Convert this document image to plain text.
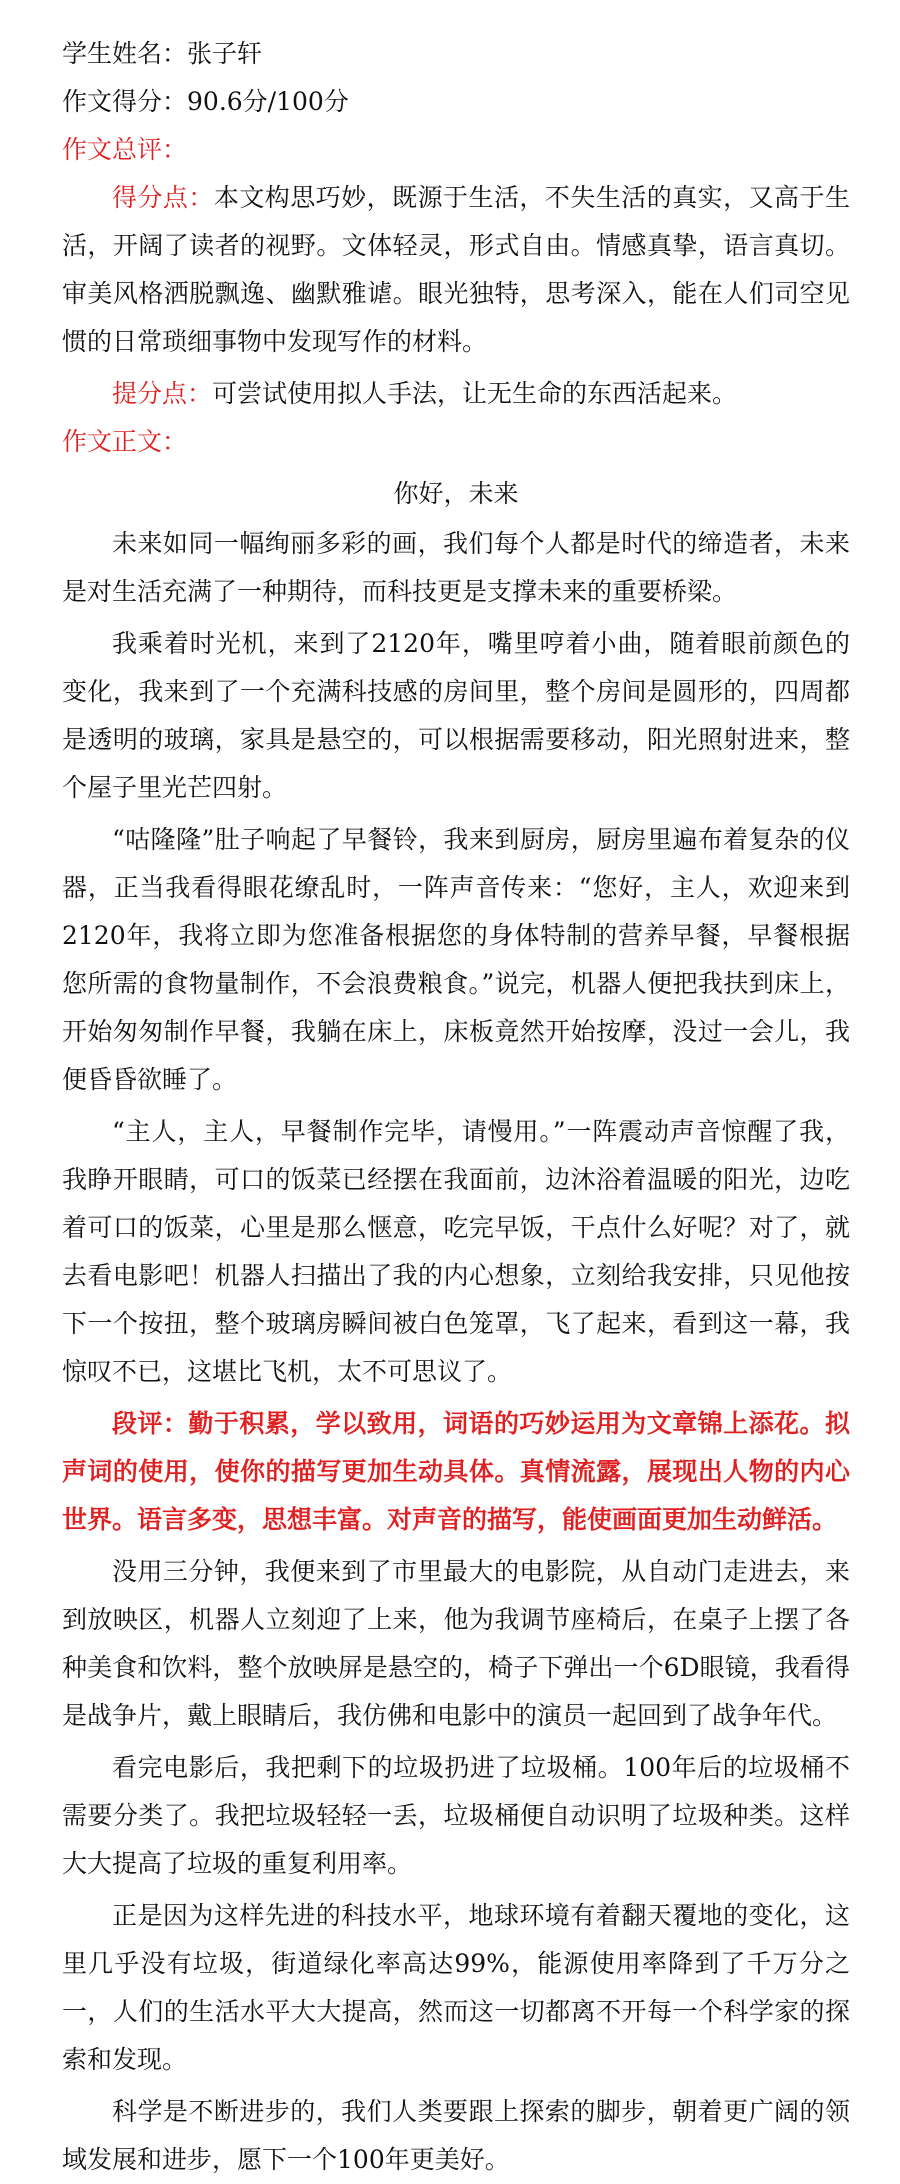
学生姓名：张子轩

作文得分：90.6分/100分

作文总评：

得分点：本文构思巧妙，既源于生活，不失生活的真实，又高于生活，开阔了读者的视野。文体轻灵，形式自由。情感真挚，语言真切。审美风格洒脱飘逸、幽默雅谑。眼光独特，思考深入，能在人们司空见惯的日常琐细事物中发现写作的材料。

提分点：可尝试使用拟人手法，让无生命的东西活起来。

作文正文：

你好，未来

未来如同一幅绚丽多彩的画，我们每个人都是时代的缔造者，未来是对生活充满了一种期待，而科技更是支撑未来的重要桥梁。

我乘着时光机，来到了2120年，嘴里哼着小曲，随着眼前颜色的变化，我来到了一个充满科技感的房间里，整个房间是圆形的，四周都是透明的玻璃，家具是悬空的，可以根据需要移动，阳光照射进来，整个屋子里光芒四射。

“咕隆隆”肚子响起了早餐铃，我来到厨房，厨房里遍布着复杂的仪器，正当我看得眼花缭乱时，一阵声音传来：“您好，主人，欢迎来到2120年，我将立即为您准备根据您的身体特制的营养早餐，早餐根据您所需的食物量制作，不会浪费粮食。”说完，机器人便把我扶到床上，开始匆匆制作早餐，我躺在床上，床板竟然开始按摩，没过一会儿，我便昏昏欲睡了。

“主人，主人，早餐制作完毕，请慢用。”一阵震动声音惊醒了我，我睁开眼睛，可口的饭菜已经摆在我面前，边沐浴着温暖的阳光，边吃着可口的饭菜，心里是那么惬意，吃完早饭，干点什么好呢？对了，就去看电影吧！机器人扫描出了我的内心想象，立刻给我安排，只见他按下一个按扭，整个玻璃房瞬间被白色笼罩，飞了起来，看到这一幕，我惊叹不已，这堪比飞机，太不可思议了。

段评：勤于积累，学以致用，词语的巧妙运用为文章锦上添花。拟声词的使用，使你的描写更加生动具体。真情流露，展现出人物的内心世界。语言多变，思想丰富。对声音的描写，能使画面更加生动鲜活。

没用三分钟，我便来到了市里最大的电影院，从自动门走进去，来到放映区，机器人立刻迎了上来，他为我调节座椅后，在桌子上摆了各种美食和饮料，整个放映屏是悬空的，椅子下弹出一个6D眼镜，我看得是战争片，戴上眼睛后，我仿佛和电影中的演员一起回到了战争年代。

看完电影后，我把剩下的垃圾扔进了垃圾桶。100年后的垃圾桶不需要分类了。我把垃圾轻轻一丢，垃圾桶便自动识明了垃圾种类。这样大大提高了垃圾的重复利用率。

正是因为这样先进的科技水平，地球环境有着翻天覆地的变化，这里几乎没有垃圾，街道绿化率高达99%，能源使用率降到了千万分之一，人们的生活水平大大提高，然而这一切都离不开每一个科学家的探索和发现。

科学是不断进步的，我们人类要跟上探索的脚步，朝着更广阔的领域发展和进步，愿下一个100年更美好。
